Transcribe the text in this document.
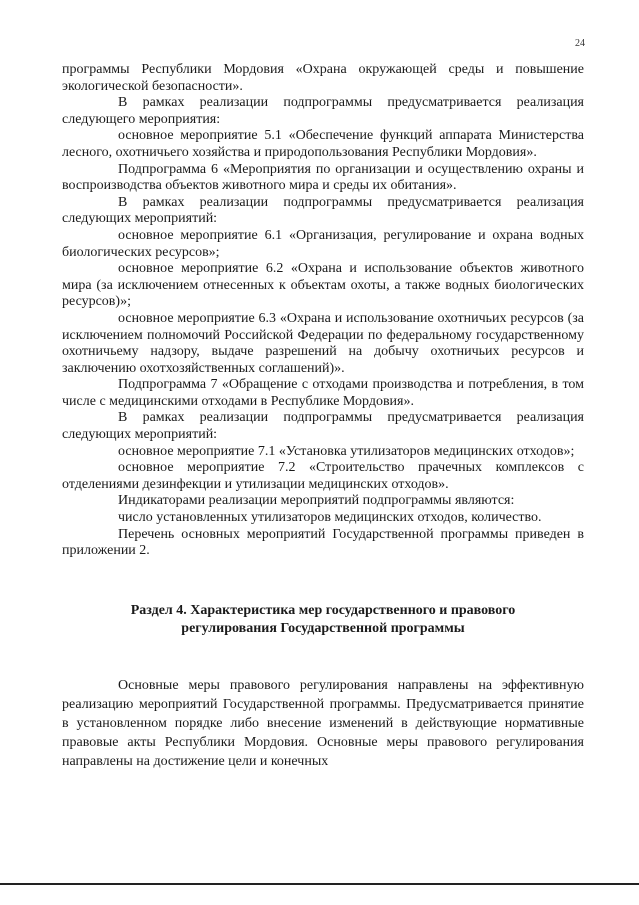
24

программы Республики Мордовия «Охрана окружающей среды и повышение экологической безопасности».

В рамках реализации подпрограммы предусматривается реализация следующего мероприятия:

основное мероприятие 5.1 «Обеспечение функций аппарата Министерства лесного, охотничьего хозяйства и природопользования Республики Мордовия».

Подпрограмма 6 «Мероприятия по организации и осуществлению охраны и воспроизводства объектов животного мира и среды их обитания».

В рамках реализации подпрограммы предусматривается реализация следующих мероприятий:

основное мероприятие 6.1 «Организация, регулирование и охрана водных биологических ресурсов»;

основное мероприятие 6.2 «Охрана и использование объектов животного мира (за исключением отнесенных к объектам охоты, а также водных биологических ресурсов)»;

основное мероприятие 6.3 «Охрана и использование охотничьих ресурсов (за исключением полномочий Российской Федерации по федеральному государственному охотничьему надзору, выдаче разрешений на добычу охотничьих ресурсов и заключению охотхозяйственных соглашений)».

Подпрограмма 7 «Обращение с отходами производства и потребления, в том числе с медицинскими отходами в Республике Мордовия».

В рамках реализации подпрограммы предусматривается реализация следующих мероприятий:

основное мероприятие 7.1 «Установка утилизаторов медицинских отходов»;

основное мероприятие 7.2 «Строительство прачечных комплексов с отделениями дезинфекции и утилизации медицинских отходов».

Индикаторами реализации мероприятий подпрограммы являются:

число установленных утилизаторов медицинских отходов, количество.

Перечень основных мероприятий Государственной программы приведен в приложении 2.

Раздел 4. Характеристика мер государственного и правового
регулирования Государственной программы

Основные меры правового регулирования направлены на эффективную реализацию мероприятий Государственной программы. Предусматривается принятие в установленном порядке либо внесение изменений в действующие нормативные правовые акты Республики Мордовия. Основные меры правового регулирования направлены на достижение цели и конечных
